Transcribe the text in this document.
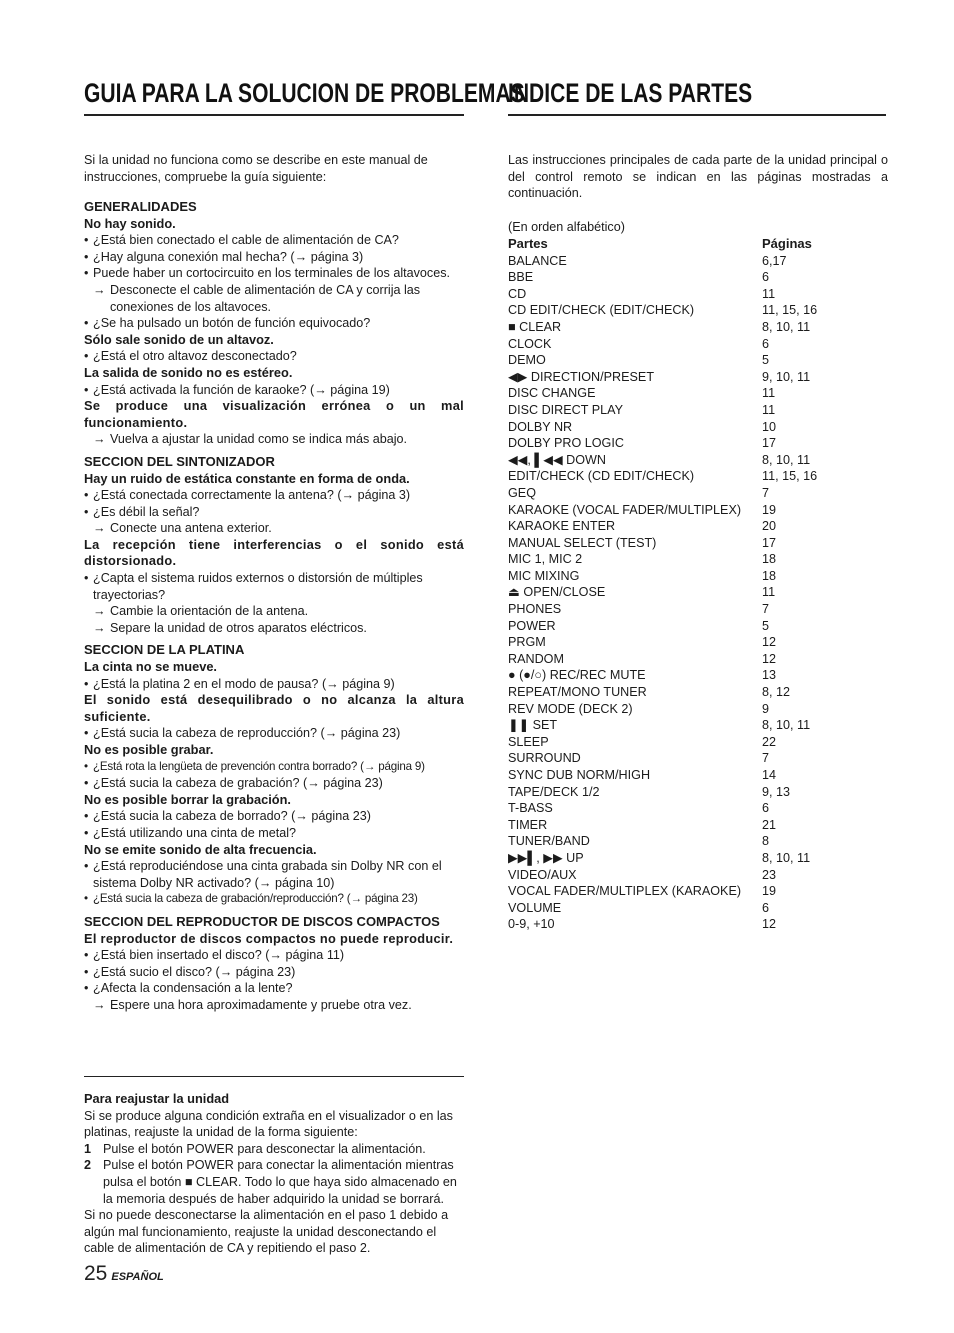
GUIA PARA LA SOLUCION DE PROBLEMAS

Si la unidad no funciona como se describe en este manual de instrucciones, compruebe la guía siguiente:

GENERALIDADES

No hay sonido.

• ¿Está bien conectado el cable de alimentación de CA?

• ¿Hay alguna conexión mal hecha? (→ página 3)

• Puede haber un cortocircuito en los terminales de los altavoces.

→ Desconecte el cable de alimentación de CA y corrija las conexiones de los altavoces.

• ¿Se ha pulsado un botón de función equivocado?

Sólo sale sonido de un altavoz.

• ¿Está el otro altavoz desconectado?

La salida de sonido no es estéreo.

• ¿Está activada la función de karaoke? (→ página 19)

Se produce una visualización errónea o un mal funcionamiento.

→ Vuelva a ajustar la unidad como se indica más abajo.

SECCION DEL SINTONIZADOR

Hay un ruido de estática constante en forma de onda.

• ¿Está conectada correctamente la antena? (→ página 3)

• ¿Es débil la señal?

→ Conecte una antena exterior.

La recepción tiene interferencias o el sonido está distorsionado.

• ¿Capta el sistema ruidos externos o distorsión de múltiples trayectorias?

→ Cambie la orientación de la antena.

→ Separe la unidad de otros aparatos eléctricos.

SECCION DE LA PLATINA

La cinta no se mueve.

• ¿Está la platina 2 en el modo de pausa? (→ página 9)

El sonido está desequilibrado o no alcanza la altura suficiente.

• ¿Está sucia la cabeza de reproducción? (→ página 23)

No es posible grabar.

• ¿Está rota la lengüeta de prevención contra borrado? (→ página 9)

• ¿Está sucia la cabeza de grabación? (→ página 23)

No es posible borrar la grabación.

• ¿Está sucia la cabeza de borrado? (→ página 23)

• ¿Está utilizando una cinta de metal?

No se emite sonido de alta frecuencia.

• ¿Está reproduciéndose una cinta grabada sin Dolby NR con el sistema Dolby NR activado? (→ página 10)

• ¿Está sucia la cabeza de grabación/reproducción? (→ página 23)

SECCION DEL REPRODUCTOR DE DISCOS COMPACTOS

El reproductor de discos compactos no puede reproducir.

• ¿Está bien insertado el disco? (→ página 11)

• ¿Está sucio el disco? (→ página 23)

• ¿Afecta la condensación a la lente?

→ Espere una hora aproximadamente y pruebe otra vez.

Para reajustar la unidad

Si se produce alguna condición extraña en el visualizador o en las platinas, reajuste la unidad de la forma siguiente:

1 Pulse el botón POWER para desconectar la alimentación.

2 Pulse el botón POWER para conectar la alimentación mientras pulsa el botón ■ CLEAR. Todo lo que haya sido almacenado en la memoria después de haber adquirido la unidad se borrará.

Si no puede desconectarse la alimentación en el paso 1 debido a algún mal funcionamiento, reajuste la unidad desconectando el cable de alimentación de CA y repitiendo el paso 2.

25 ESPAÑOL
INDICE DE LAS PARTES

Las instrucciones principales de cada parte de la unidad principal o del control remoto se indican en las páginas mostradas a continuación.

(En orden alfabético)

Partes	Páginas
BALANCE	6,17
BBE	6
CD	11
CD EDIT/CHECK (EDIT/CHECK)	11, 15, 16
■ CLEAR	8, 10, 11
CLOCK	6
DEMO	5
◀▶ DIRECTION/PRESET	9, 10, 11
DISC CHANGE	11
DISC DIRECT PLAY	11
DOLBY NR	10
DOLBY PRO LOGIC	17
◀◀, ▌◀◀ DOWN	8, 10, 11
EDIT/CHECK (CD EDIT/CHECK)	11, 15, 16
GEQ	7
KARAOKE (VOCAL FADER/MULTIPLEX)	19
KARAOKE ENTER	20
MANUAL SELECT (TEST)	17
MIC 1, MIC 2	18
MIC MIXING	18
⏏ OPEN/CLOSE	11
PHONES	7
POWER	5
PRGM	12
RANDOM	12
● (●/○) REC/REC MUTE	13
REPEAT/MONO TUNER	8, 12
REV MODE (DECK 2)	9
❚❚ SET	8, 10, 11
SLEEP	22
SURROUND	7
SYNC DUB NORM/HIGH	14
TAPE/DECK 1/2	9, 13
T-BASS	6
TIMER	21
TUNER/BAND	8
▶▶▌, ▶▶ UP	8, 10, 11
VIDEO/AUX	23
VOCAL FADER/MULTIPLEX (KARAOKE)	19
VOLUME	6
0-9, +10	12
